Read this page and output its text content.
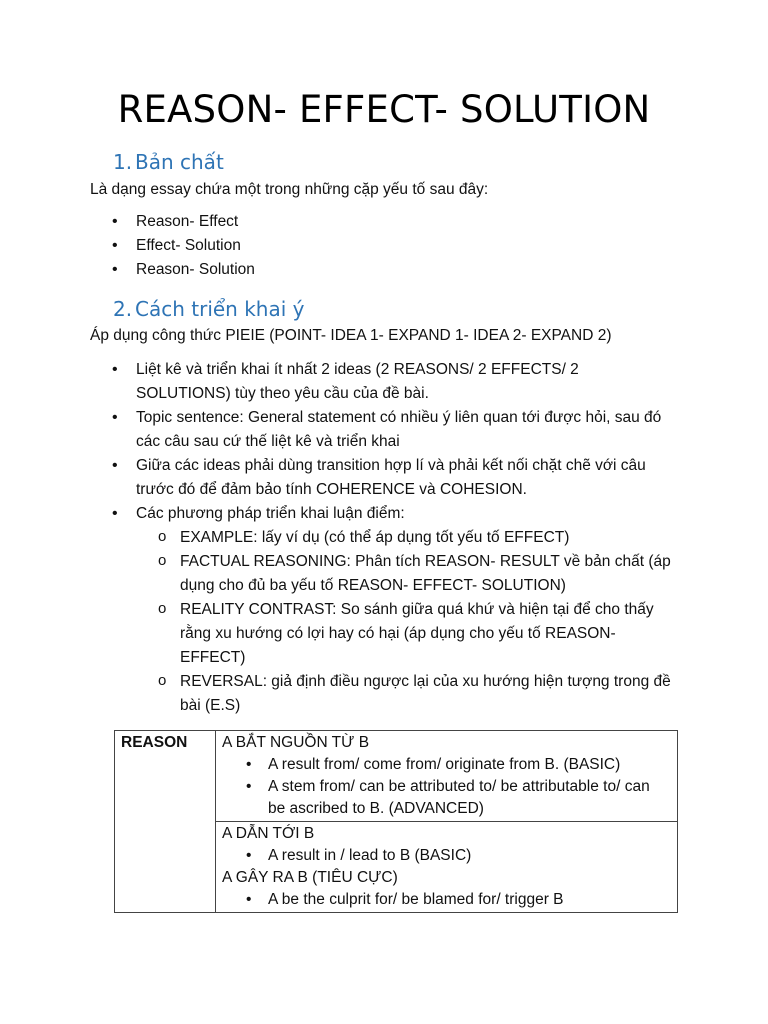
REASON- EFFECT- SOLUTION
1. Bản chất
Là dạng essay chứa một trong những cặp yếu tố sau đây:
• Reason- Effect
• Effect- Solution
• Reason- Solution
2. Cách triển khai ý
Áp dụng công thức PIEIE (POINT- IDEA 1- EXPAND 1- IDEA 2- EXPAND 2)
• Liệt kê và triển khai ít nhất 2 ideas (2 REASONS/ 2 EFFECTS/ 2 SOLUTIONS) tùy theo yêu cầu của đề bài.
• Topic sentence: General statement có nhiều ý liên quan tới được hỏi, sau đó các câu sau cứ thế liệt kê và triển khai
• Giữa các ideas phải dùng transition hợp lí và phải kết nối chặt chẽ với câu trước đó để đảm bảo tính COHERENCE và COHESION.
• Các phương pháp triển khai luận điểm:
o EXAMPLE: lấy ví dụ (có thể áp dụng tốt yếu tố EFFECT)
o FACTUAL REASONING: Phân tích REASON- RESULT về bản chất (áp dụng cho đủ ba yếu tố REASON- EFFECT- SOLUTION)
o REALITY CONTRAST: So sánh giữa quá khứ và hiện tại để cho thấy rằng xu hướng có lợi hay có hại (áp dụng cho yếu tố REASON-EFFECT)
o REVERSAL: giả định điều ngược lại của xu hướng hiện tượng trong đề bài (E.S)
REASON	A BẮT NGUỒN TỪ B
• A result from/ come from/ originate from B. (BASIC)
• A stem from/ can be attributed to/ be attributable to/ can be ascribed to B. (ADVANCED)

A DẪN TỚI B
• A result in / lead to B (BASIC)
A GÂY RA B (TIÊU CỰC)
• A be the culprit for/ be blamed for/ trigger B
